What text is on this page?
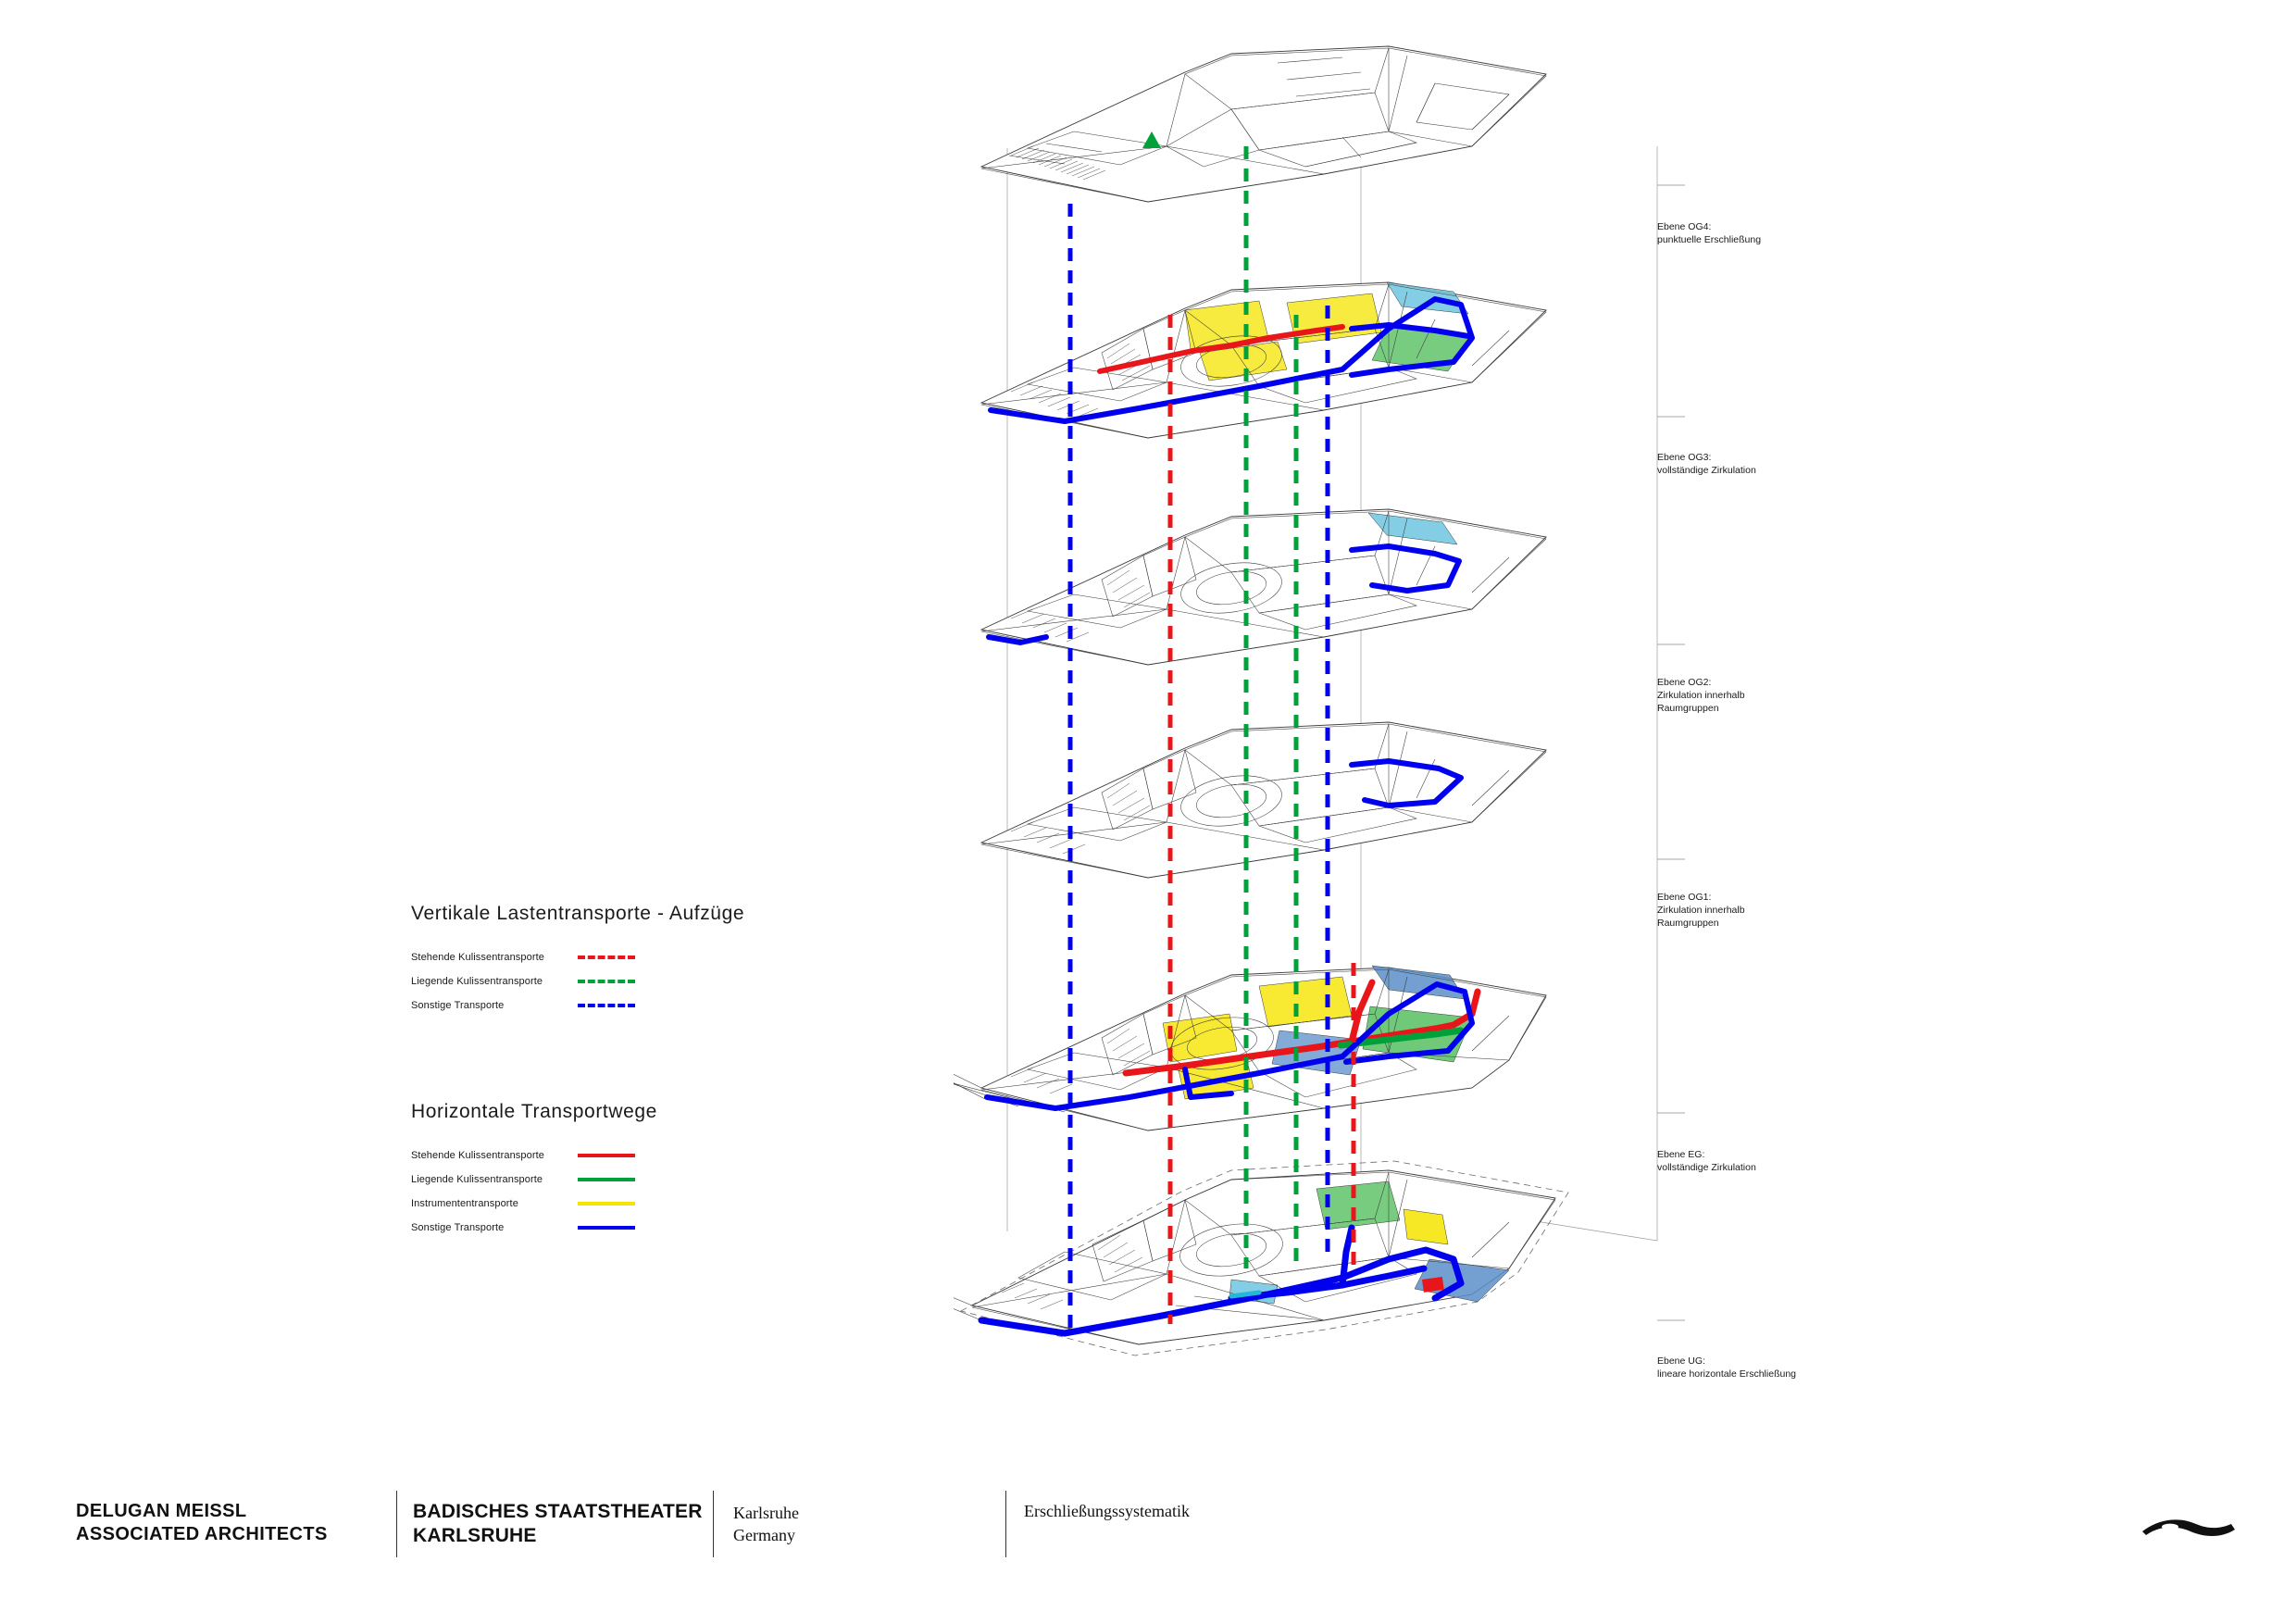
Vertikale Lastentransporte - Aufzüge
Stehende Kulissentransporte
Liegende Kulissentransporte
Sonstige Transporte
Horizontale Transportwege
Stehende Kulissentransporte
Liegende Kulissentransporte
Instrumententransporte
Sonstige Transporte
Ebene OG4:
punktuelle Erschließung
Ebene OG3:
vollständige Zirkulation
Ebene OG2:
Zirkulation innerhalb
Raumgruppen
Ebene OG1:
Zirkulation innerhalb
Raumgruppen
Ebene EG:
vollständige Zirkulation
Ebene UG:
lineare horizontale Erschließung
DELUGAN MEISSL
ASSOCIATED ARCHITECTS
BADISCHES STAATSTHEATER
KARLSRUHE
Karlsruhe
Germany
Erschließungssystematik
